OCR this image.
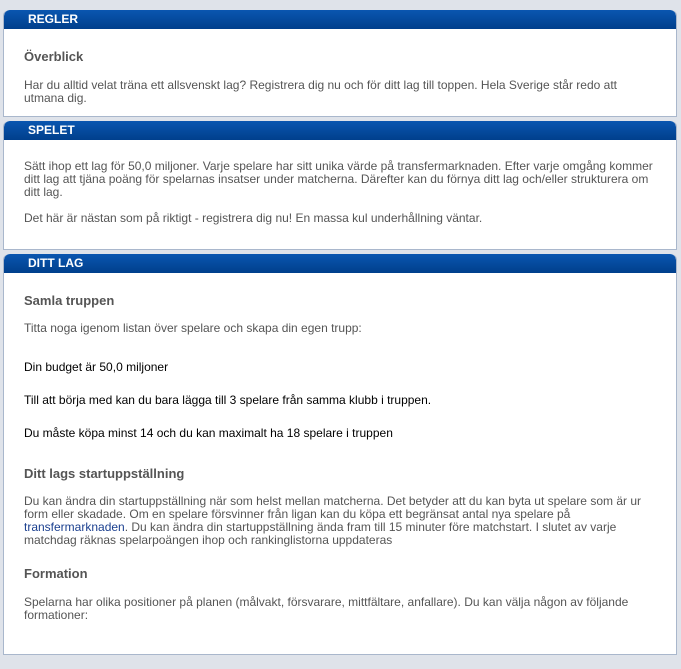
REGLER
Överblick

Har du alltid velat träna ett allsvenskt lag? Registrera dig nu och för ditt lag till toppen. Hela Sverige står redo att utmana dig.

SPELET

Sätt ihop ett lag för 50,0 miljoner. Varje spelare har sitt unika värde på transfermarknaden. Efter varje omgång kommer ditt lag att tjäna poäng för spelarnas insatser under matcherna. Därefter kan du förnya ditt lag och/eller strukturera om ditt lag.

Det här är nästan som på riktigt - registrera dig nu! En massa kul underhållning väntar.

DITT LAG
Samla truppen

Titta noga igenom listan över spelare och skapa din egen trupp:

Din budget är 50,0 miljoner

Till att börja med kan du bara lägga till 3 spelare från samma klubb i truppen.

Du måste köpa minst 14 och du kan maximalt ha 18 spelare i truppen

Ditt lags startuppställning

Du kan ändra din startuppställning när som helst mellan matcherna. Det betyder att du kan byta ut spelare som är ur form eller skadade. Om en spelare försvinner från ligan kan du köpa ett begränsat antal nya spelare på transfermarknaden. Du kan ändra din startuppställning ända fram till 15 minuter före matchstart. I slutet av varje matchdag räknas spelarpoängen ihop och rankinglistorna uppdateras

Formation

Spelarna har olika positioner på planen (målvakt, försvarare, mittfältare, anfallare). Du kan välja någon av följande formationer:
